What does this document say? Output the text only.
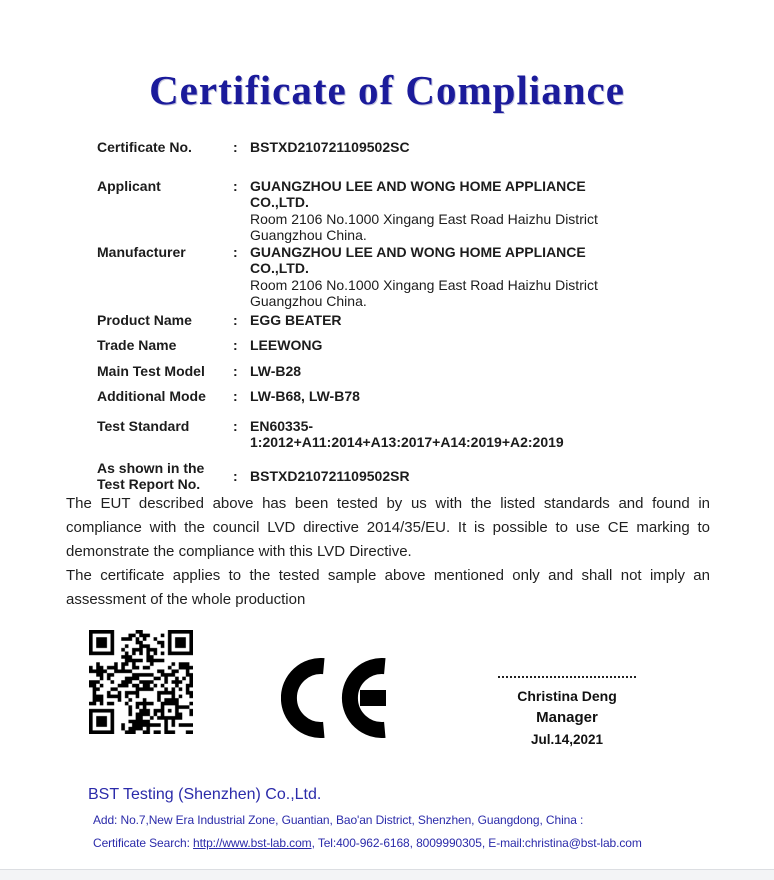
Certificate of Compliance
Certificate No.	: BSTXD210721109502SC
Applicant	: GUANGZHOU LEE AND WONG HOME APPLIANCE CO.,LTD.
Room 2106 No.1000 Xingang East Road Haizhu District Guangzhou China.
Manufacturer	: GUANGZHOU LEE AND WONG HOME APPLIANCE CO.,LTD.
Room 2106 No.1000 Xingang East Road Haizhu District Guangzhou China.
Product Name	: EGG BEATER
Trade Name	: LEEWONG
Main Test Model	: LW-B28
Additional Mode	: LW-B68, LW-B78
Test Standard	: EN60335-1:2012+A11:2014+A13:2017+A14:2019+A2:2019
As shown in the Test Report No.
: BSTXD210721109502SR

The EUT described above has been tested by us with the listed standards and found in compliance with the council LVD directive 2014/35/EU. It is possible to use CE marking to demonstrate the compliance with this LVD Directive.

The certificate applies to the tested sample above mentioned only and shall not imply an assessment of the whole production

Christina Deng
Manager
Jul.14,2021
BST Testing (Shenzhen) Co.,Ltd.
Add: No.7,New Era Industrial Zone, Guantian, Bao'an District, Shenzhen, Guangdong, China :
Certificate Search: http://www.bst-lab.com, Tel:400-962-6168, 8009990305, E-mail:christina@bst-lab.com
